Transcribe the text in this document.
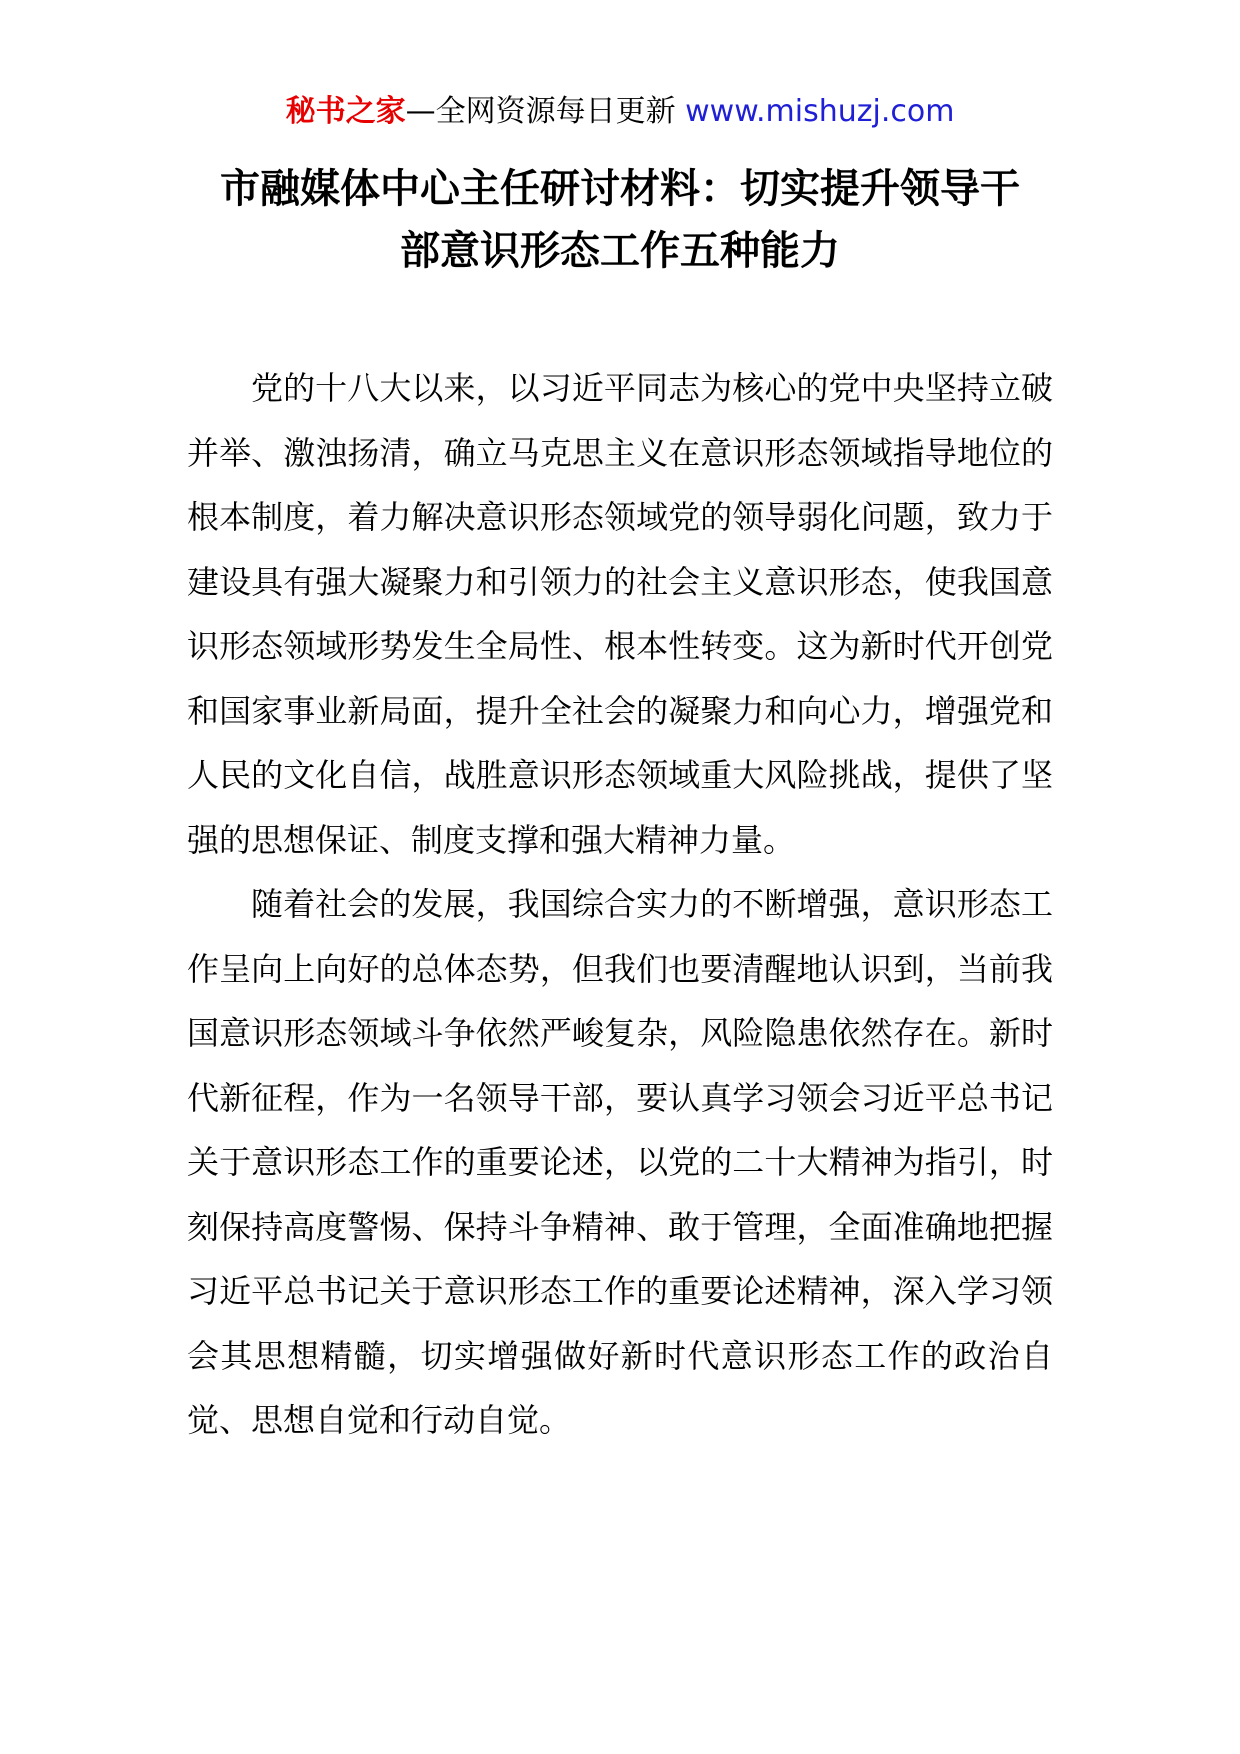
秘书之家—全网资源每日更新 www.mishuzj.com
市融媒体中心主任研讨材料：切实提升领导干
部意识形态工作五种能力

党的十八大以来，以习近平同志为核心的党中央坚持立破并举、激浊扬清，确立马克思主义在意识形态领域指导地位的根本制度，着力解决意识形态领域党的领导弱化问题，致力于建设具有强大凝聚力和引领力的社会主义意识形态，使我国意识形态领域形势发生全局性、根本性转变。这为新时代开创党和国家事业新局面，提升全社会的凝聚力和向心力，增强党和人民的文化自信，战胜意识形态领域重大风险挑战，提供了坚强的思想保证、制度支撑和强大精神力量。

随着社会的发展，我国综合实力的不断增强，意识形态工作呈向上向好的总体态势，但我们也要清醒地认识到，当前我国意识形态领域斗争依然严峻复杂，风险隐患依然存在。新时代新征程，作为一名领导干部，要认真学习领会习近平总书记关于意识形态工作的重要论述，以党的二十大精神为指引，时刻保持高度警惕、保持斗争精神、敢于管理，全面准确地把握习近平总书记关于意识形态工作的重要论述精神，深入学习领会其思想精髓，切实增强做好新时代意识形态工作的政治自觉、思想自觉和行动自觉。
